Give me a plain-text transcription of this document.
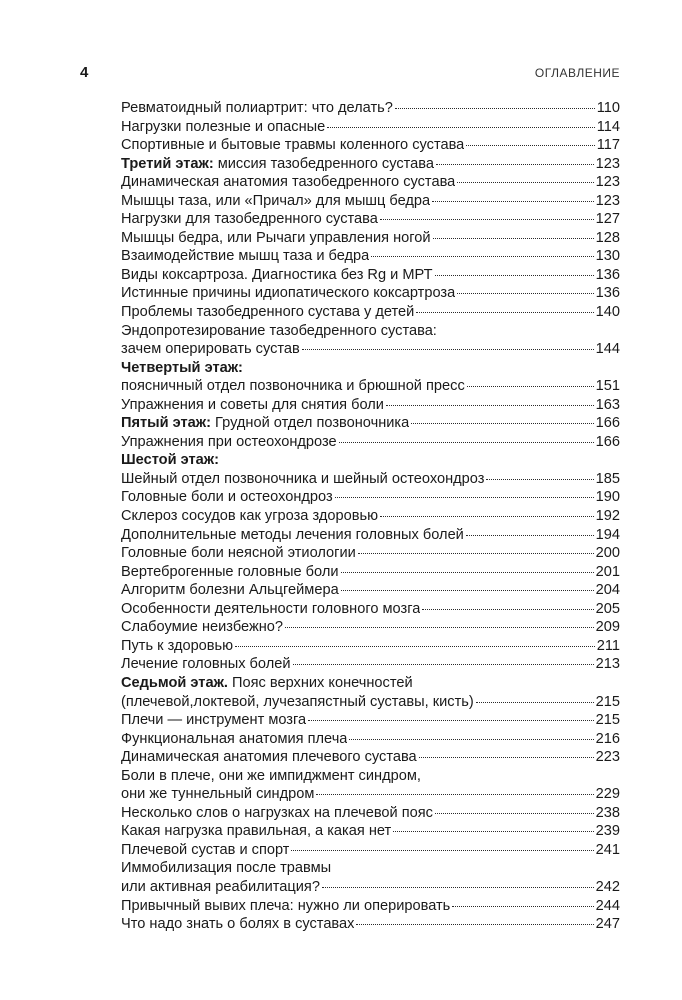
4	ОГЛАВЛЕНИЕ
Ревматоидный полиартрит: что делать?	110
Нагрузки полезные и опасные	114
Спортивные и бытовые травмы коленного сустава	117
Третий этаж: миссия тазобедренного сустава	123
Динамическая анатомия тазобедренного сустава	123
Мышцы таза, или «Причал» для мышц бедра	123
Нагрузки для тазобедренного сустава	127
Мышцы бедра, или Рычаги управления ногой	128
Взаимодействие мышц таза и бедра	130
Виды коксартроза. Диагностика без Rg и МРТ	136
Истинные причины идиопатического коксартроза	136
Проблемы тазобедренного сустава у детей	140
Эндопротезирование тазобедренного сустава:
зачем оперировать сустав	144
Четвертый этаж:
поясничный отдел позвоночника и брюшной пресс	151
Упражнения и советы для снятия боли	163
Пятый этаж: Грудной отдел позвоночника	166
Упражнения при остеохондрозе	166
Шестой этаж:
Шейный отдел позвоночника и шейный остеохондроз	185
Головные боли и остеохондроз	190
Склероз сосудов как угроза здоровью	192
Дополнительные методы лечения головных болей	194
Головные боли неясной этиологии	200
Вертеброгенные головные боли	201
Алгоритм болезни Альцгеймера	204
Особенности деятельности головного мозга	205
Слабоумие неизбежно?	209
Путь к здоровью	211
Лечение головных болей	213
Седьмой этаж. Пояс верхних конечностей
(плечевой,локтевой, лучезапястный суставы, кисть)	215
Плечи — инструмент мозга	215
Функциональная анатомия плеча	216
Динамическая анатомия плечевого сустава	223
Боли в плече, они же импиджмент синдром,
они же туннельный синдром	229
Несколько слов о нагрузках на плечевой пояс	238
Какая нагрузка правильная, а какая нет	239
Плечевой сустав и спорт	241
Иммобилизация после травмы
или активная реабилитация?	242
Привычный вывих плеча: нужно ли оперировать	244
Что надо знать о болях в суставах	247
